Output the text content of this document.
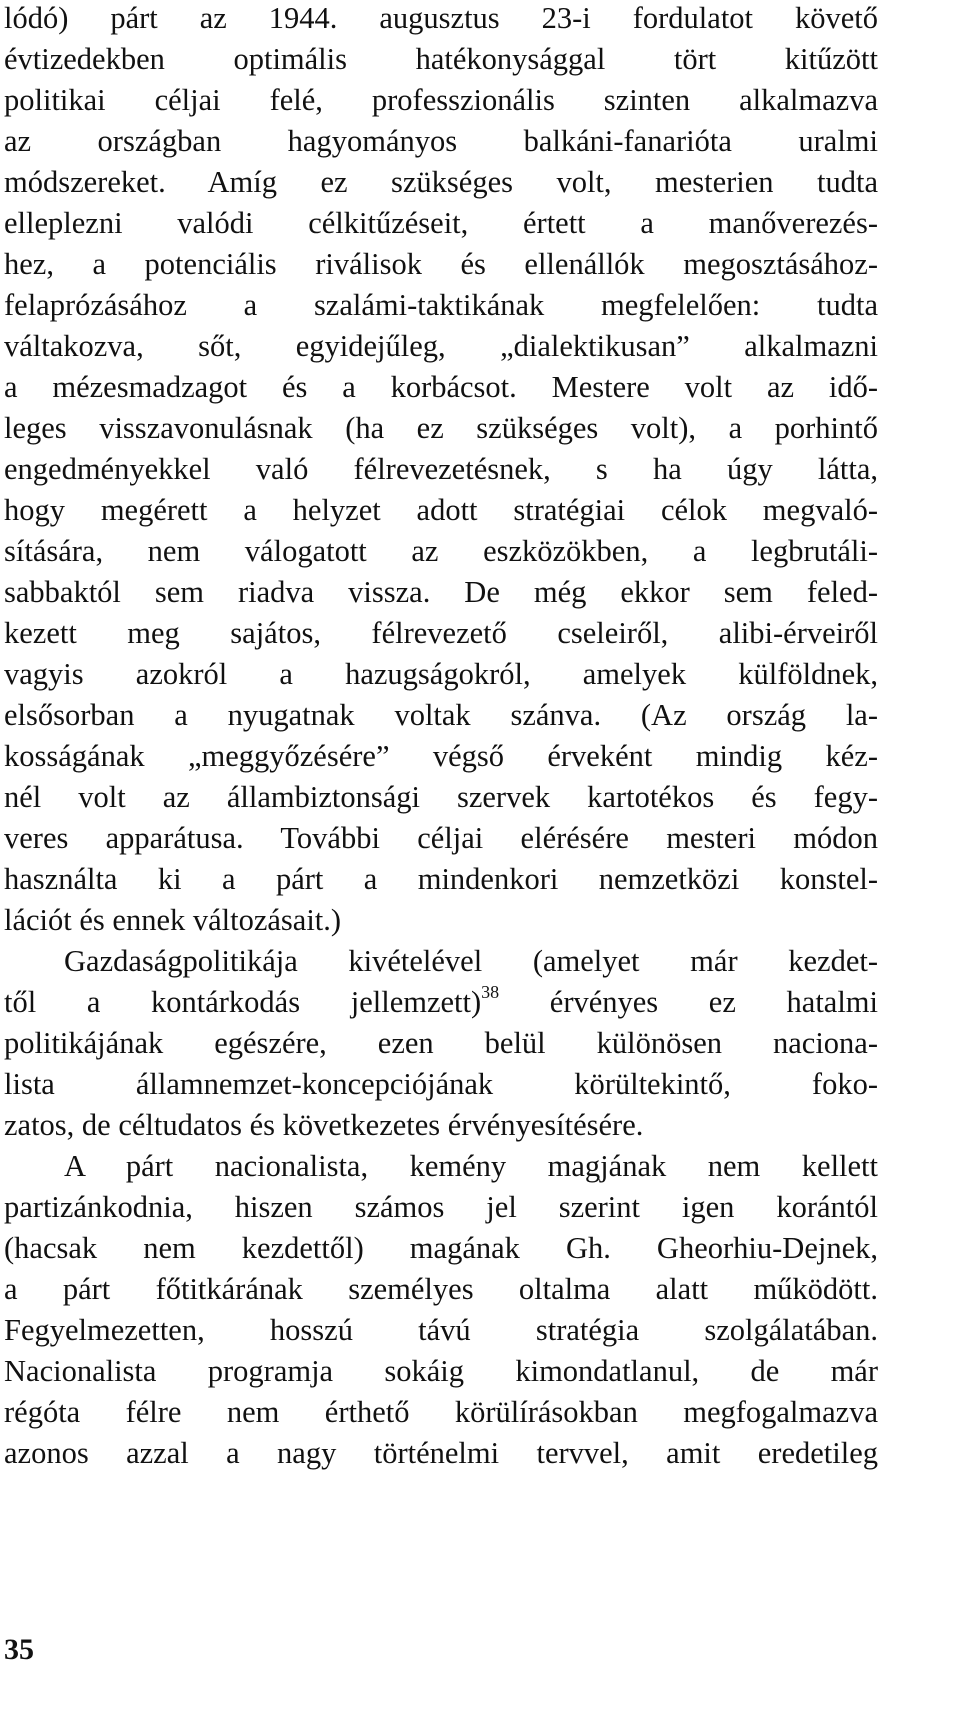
lódó) párt az 1944. augusztus 23-i fordulatot követő
évtizedekben optimális hatékonysággal tört kitűzött
politikai céljai felé, professzionális szinten alkalmazva
az országban hagyományos balkáni-fanarióta uralmi
módszereket. Amíg ez szükséges volt, mesterien tudta
elleplezni valódi célkitűzéseit, értett a manőverezés-
hez, a potenciális riválisok és ellenállók megosztásához-
felaprózásához a szalámi-taktikának megfelelően: tudta
váltakozva, sőt, egyidejűleg, „dialektikusan” alkalmazni
a mézesmadzagot és a korbácsot. Mestere volt az idő-
leges visszavonulásnak (ha ez szükséges volt), a porhintő
engedményekkel való félrevezetésnek, s ha úgy látta,
hogy megérett a helyzet adott stratégiai célok megvaló-
sítására, nem válogatott az eszközökben, a legbrutáli-
sabbaktól sem riadva vissza. De még ekkor sem feled-
kezett meg sajátos, félrevezető cseleiről, alibi-érveiről
vagyis azokról a hazugságokról, amelyek külföldnek,
elsősorban a nyugatnak voltak szánva. (Az ország la-
kosságának „meggyőzésére” végső érveként mindig kéz-
nél volt az állambiztonsági szervek kartotékos és fegy-
veres apparátusa. További céljai elérésére mesteri módon
használta ki a párt a mindenkori nemzetközi konstel-
lációt és ennek változásait.)
Gazdaságpolitikája kivételével (amelyet már kezdet-
től a kontárkodás jellemzett)$^{38}$ érvényes ez hatalmi
politikájának egészére, ezen belül különösen naciona-
lista államnemzet-koncepciójának körültekintő, foko-
zatos, de céltudatos és következetes érvényesítésére.
A párt nacionalista, kemény magjának nem kellett
partizánkodnia, hiszen számos jel szerint igen korántól
(hacsak nem kezdettől) magának Gh. Gheorhiu-Dejnek,
a párt főtitkárának személyes oltalma alatt működött.
Fegyelmezetten, hosszú távú stratégia szolgálatában.
Nacionalista programja sokáig kimondatlanul, de már
régóta félre nem érthető körülírásokban megfogalmazva
azonos azzal a nagy történelmi tervvel, amit eredetileg
35
